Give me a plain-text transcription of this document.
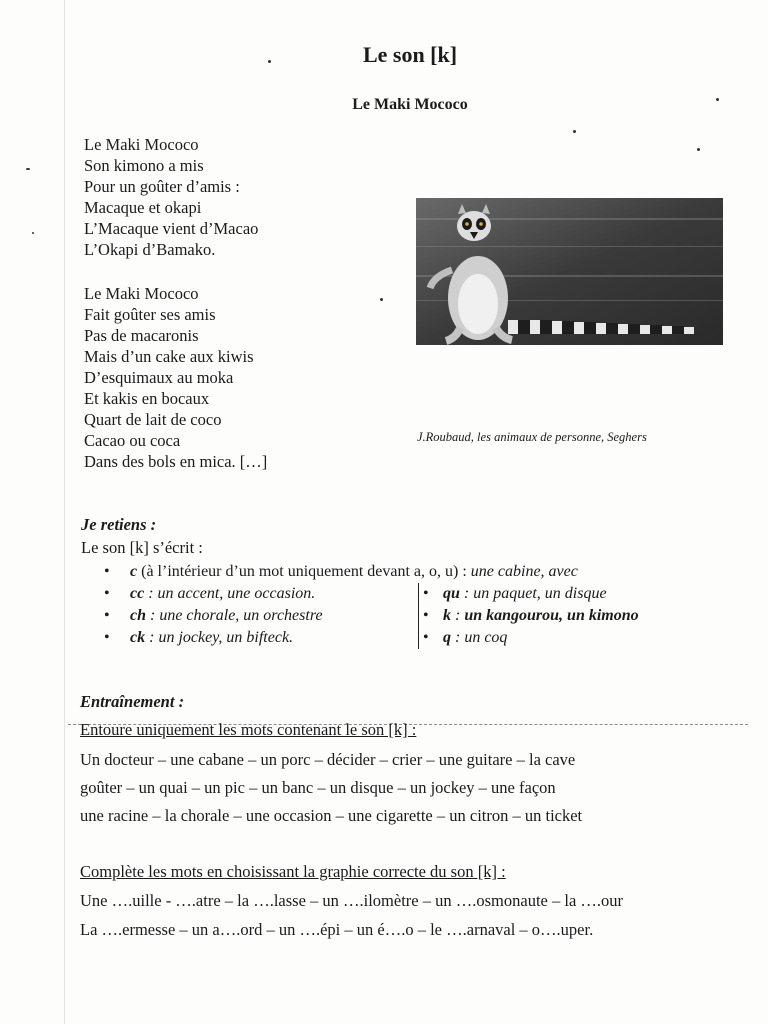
Le son [k]
Le Maki Mococo
Le Maki Mococo
Son kimono a mis
Pour un goûter d’amis :
Macaque et okapi
L’Macaque vient d’Macao
L’Okapi d’Bamako.
Le Maki Mococo
Fait goûter ses amis
Pas de macaronis
Mais d’un cake aux kiwis
D’esquimaux au moka
Et kakis en bocaux
Quart de lait de coco
Cacao ou coca
Dans des bols en mica. […]
J.Roubaud, les animaux de personne, Seghers
Je retiens :
Le son [k] s’écrit :
• c (à l’intérieur d’un mot uniquement devant a, o, u) : une cabine, avec
• cc : un accent, une occasion.
• ch : une chorale, un orchestre
• ck : un jockey, un bifteck.
• qu : un paquet, un disque
• k : un kangourou, un kimono
• q : un coq
Entraînement :
Entoure uniquement les mots contenant le son [k] :
Un docteur – une cabane – un porc – décider – crier – une guitare – la cave
goûter – un quai – un pic – un banc – un disque – un jockey – une façon
une racine – la chorale – une occasion – une cigarette – un citron – un ticket
Complète les mots en choisissant la graphie correcte du son [k] :
Une ….uille - ….atre – la ….lasse – un ….ilomètre – un ….osmonaute – la ….our
La ….ermesse – un a….ord – un ….épi – un é….o – le ….arnaval – o….uper.
